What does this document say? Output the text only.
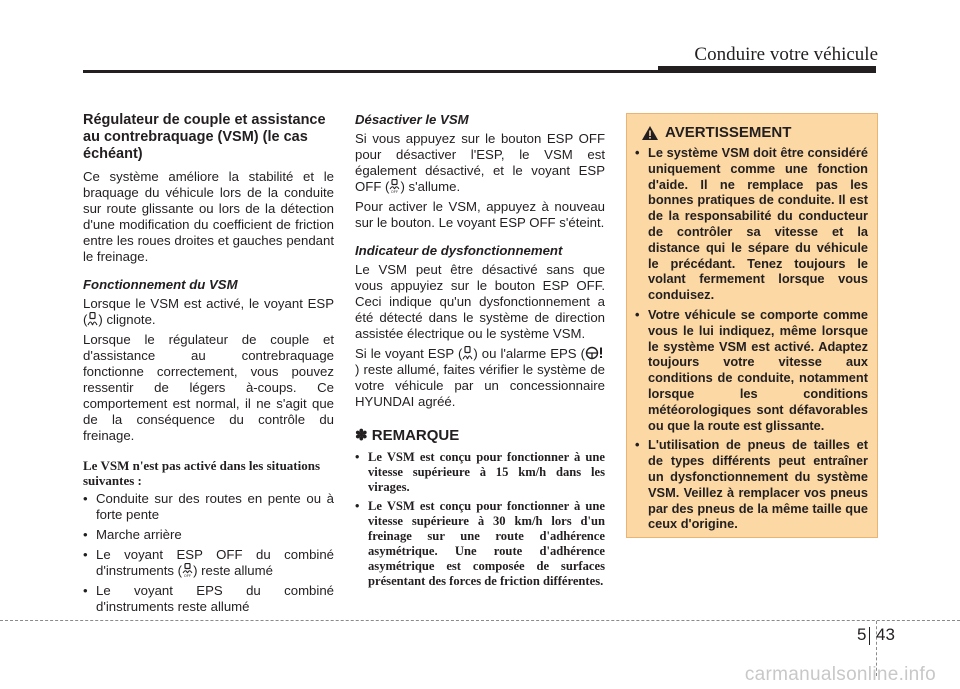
Conduire votre véhicule
Régulateur de couple et assistance au contrebraquage (VSM) (le cas échéant)

Ce système améliore la stabilité et le braquage du véhicule lors de la conduite sur route glissante ou lors de la détection d'une modification du coefficient de friction entre les roues droites et gauches pendant le freinage.

Fonctionnement du VSM

Lorsque le VSM est activé, le voyant ESP ( ) clignote.

Lorsque le régulateur de couple et d'assistance au contrebraquage fonctionne correctement, vous pouvez ressentir de légers à-coups. Ce comportement est normal, il ne s'agit que de la conséquence du contrôle du freinage.

Le VSM n'est pas activé dans les situations suivantes :
• Conduite sur des routes en pente ou à forte pente
• Marche arrière
• Le voyant ESP OFF du combiné d'instruments ( OFF ) reste allumé
• Le voyant EPS du combiné d'instruments reste allumé
Désactiver le VSM

Si vous appuyez sur le bouton ESP OFF pour désactiver l'ESP, le VSM est également désactivé, et le voyant ESP OFF ( OFF ) s'allume.

Pour activer le VSM, appuyez à nouveau sur le bouton. Le voyant ESP OFF s'éteint.

Indicateur de dysfonctionnement

Le VSM peut être désactivé sans que vous appuyiez sur le bouton ESP OFF. Ceci indique qu'un dysfonctionnement a été détecté dans le système de direction assistée électrique ou le système VSM.

Si le voyant ESP ( ) ou l'alarme EPS () reste allumé, faites vérifier le système de votre véhicule par un concessionnaire HYUNDAI agréé.

✽ REMARQUE
• Le VSM est conçu pour fonctionner à une vitesse supérieure à 15 km/h dans les virages.
• Le VSM est conçu pour fonctionner à une vitesse supérieure à 30 km/h lors d'un freinage sur une route d'adhérence asymétrique. Une route d'adhérence asymétrique est composée de surfaces présentant des forces de friction différentes.
AVERTISSEMENT
• Le système VSM doit être considéré uniquement comme une fonction d'aide. Il ne remplace pas les bonnes pratiques de conduite. Il est de la responsabilité du conducteur de contrôler sa vitesse et la distance qui le sépare du véhicule le précédant. Tenez toujours le volant fermement lorsque vous conduisez.
• Votre véhicule se comporte comme vous le lui indiquez, même lorsque le système VSM est activé. Adaptez toujours votre vitesse aux conditions de conduite, notamment lorsque les conditions météorologiques sont défavorables ou que la route est glissante.
• L'utilisation de pneus de tailles et de types différents peut entraîner un dysfonctionnement du système VSM. Veillez à remplacer vos pneus par des pneus de la même taille que ceux d'origine.
5 43
carmanualsonline.info
